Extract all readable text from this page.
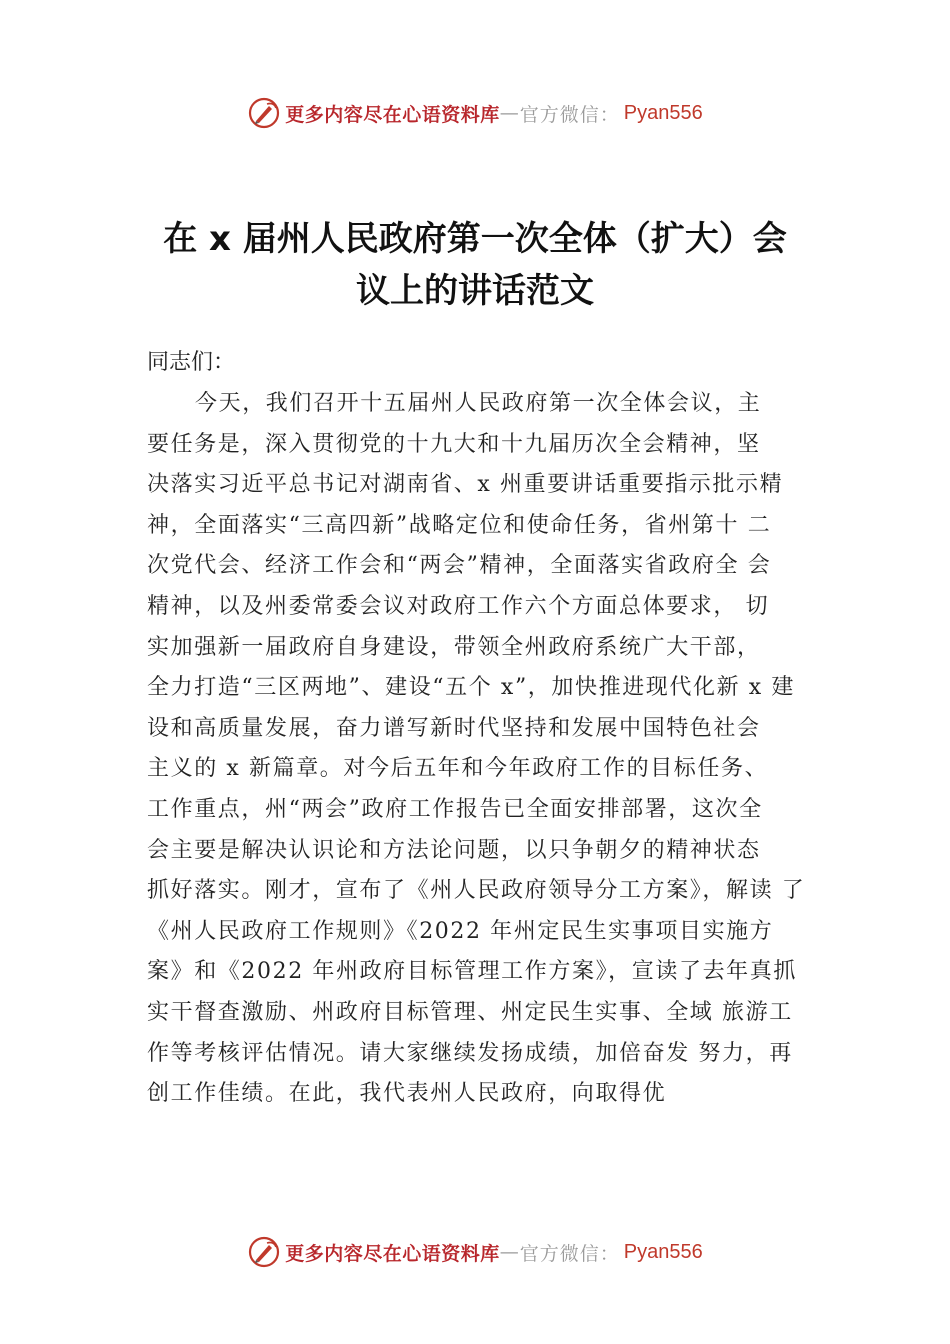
更多内容尽在心语资料库 — 官方微信： Pyan556
在 x 届州人民政府第一次全体（扩大）会
议上的讲话范文

同志们：

今天，我们召开十五届州人民政府第一次全体会议，主

要任务是，深入贯彻党的十九大和十九届历次全会精神，坚

决落实习近平总书记对湖南省、x 州重要讲话重要指示批示精

神，全面落实“三高四新”战略定位和使命任务，省州第十 二

次党代会、经济工作会和“两会”精神，全面落实省政府全 会

精神，以及州委常委会议对政府工作六个方面总体要求， 切

实加强新一届政府自身建设，带领全州政府系统广大干部，

全力打造“三区两地”、建设“五个 x”，加快推进现代化新 x 建

设和高质量发展，奋力谱写新时代坚持和发展中国特色社会

主义的 x 新篇章。对今后五年和今年政府工作的目标任务、

工作重点，州“两会”政府工作报告已全面安排部署，这次全

会主要是解决认识论和方法论问题，以只争朝夕的精神状态

抓好落实。刚才，宣布了《州人民政府领导分工方案》，解读 了

《州人民政府工作规则》《2022 年州定民生实事项目实施方

案》和《2022 年州政府目标管理工作方案》，宣读了去年真抓

实干督查激励、州政府目标管理、州定民生实事、全域 旅游工

作等考核评估情况。请大家继续发扬成绩，加倍奋发 努力，再

创工作佳绩。在此，我代表州人民政府，向取得优

更多内容尽在心语资料库 — 官方微信： Pyan556
